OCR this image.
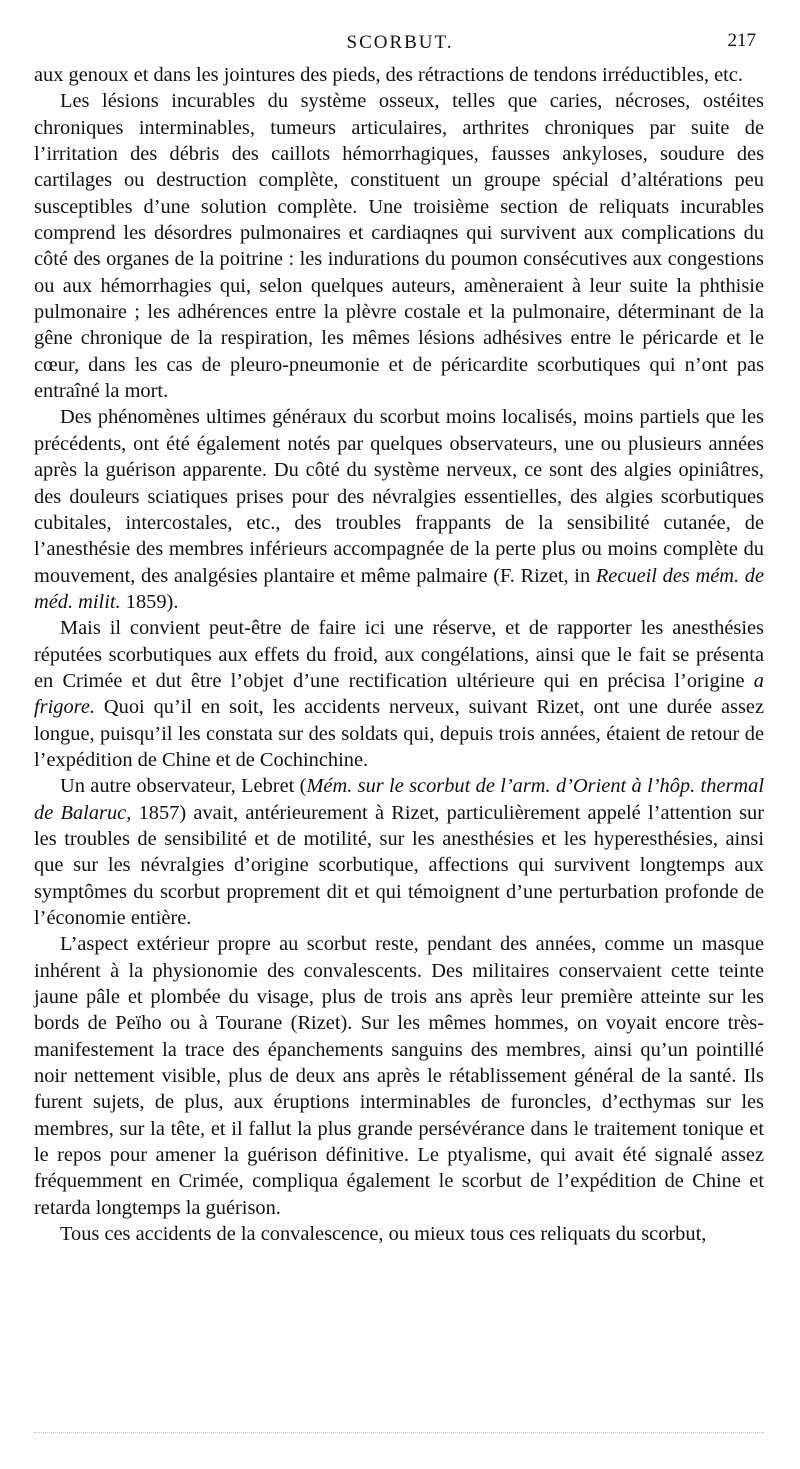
SCORBUT.	217

aux genoux et dans les jointures des pieds, des rétractions de tendons irréductibles, etc.

Les lésions incurables du système osseux, telles que caries, nécroses, ostéites chroniques interminables, tumeurs articulaires, arthrites chroniques par suite de l’irritation des débris des caillots hémorrhagiques, fausses ankyloses, soudure des cartilages ou destruction complète, constituent un groupe spécial d’altérations peu susceptibles d’une solution complète. Une troisième section de reliquats incurables comprend les désordres pulmonaires et cardiaqnes qui survivent aux complications du côté des organes de la poitrine : les indurations du poumon consécutives aux congestions ou aux hémorrhagies qui, selon quelques auteurs, amèneraient à leur suite la phthisie pulmonaire ; les adhérences entre la plèvre costale et la pulmonaire, déterminant de la gêne chronique de la respiration, les mêmes lésions adhésives entre le péricarde et le cœur, dans les cas de pleuro-pneumonie et de péricardite scorbutiques qui n’ont pas entraîné la mort.

Des phénomènes ultimes généraux du scorbut moins localisés, moins partiels que les précédents, ont été également notés par quelques observateurs, une ou plusieurs années après la guérison apparente. Du côté du système nerveux, ce sont des algies opiniâtres, des douleurs sciatiques prises pour des névralgies essentielles, des algies scorbutiques cubitales, intercostales, etc., des troubles frappants de la sensibilité cutanée, de l’anesthésie des membres inférieurs accompagnée de la perte plus ou moins complète du mouvement, des analgésies plantaire et même palmaire (F. Rizet, in Recueil des mém. de méd. milit. 1859).

Mais il convient peut-être de faire ici une réserve, et de rapporter les anesthésies réputées scorbutiques aux effets du froid, aux congélations, ainsi que le fait se présenta en Crimée et dut être l’objet d’une rectification ultérieure qui en précisa l’origine a frigore. Quoi qu’il en soit, les accidents nerveux, suivant Rizet, ont une durée assez longue, puisqu’il les constata sur des soldats qui, depuis trois années, étaient de retour de l’expédition de Chine et de Cochinchine.

Un autre observateur, Lebret (Mém. sur le scorbut de l’arm. d’Orient à l’hôp. thermal de Balaruc, 1857) avait, antérieurement à Rizet, particulièrement appelé l’attention sur les troubles de sensibilité et de motilité, sur les anesthésies et les hyperesthésies, ainsi que sur les névralgies d’origine scorbutique, affections qui survivent longtemps aux symptômes du scorbut proprement dit et qui témoignent d’une perturbation profonde de l’économie entière.

L’aspect extérieur propre au scorbut reste, pendant des années, comme un masque inhérent à la physionomie des convalescents. Des militaires conservaient cette teinte jaune pâle et plombée du visage, plus de trois ans après leur première atteinte sur les bords de Peïho ou à Tourane (Rizet). Sur les mêmes hommes, on voyait encore très-manifestement la trace des épanchements sanguins des membres, ainsi qu’un pointillé noir nettement visible, plus de deux ans après le rétablissement général de la santé. Ils furent sujets, de plus, aux éruptions interminables de furoncles, d’ecthymas sur les membres, sur la tête, et il fallut la plus grande persévérance dans le traitement tonique et le repos pour amener la guérison définitive. Le ptyalisme, qui avait été signalé assez fréquemment en Crimée, compliqua également le scorbut de l’expédition de Chine et retarda longtemps la guérison.

Tous ces accidents de la convalescence, ou mieux tous ces reliquats du scorbut,
